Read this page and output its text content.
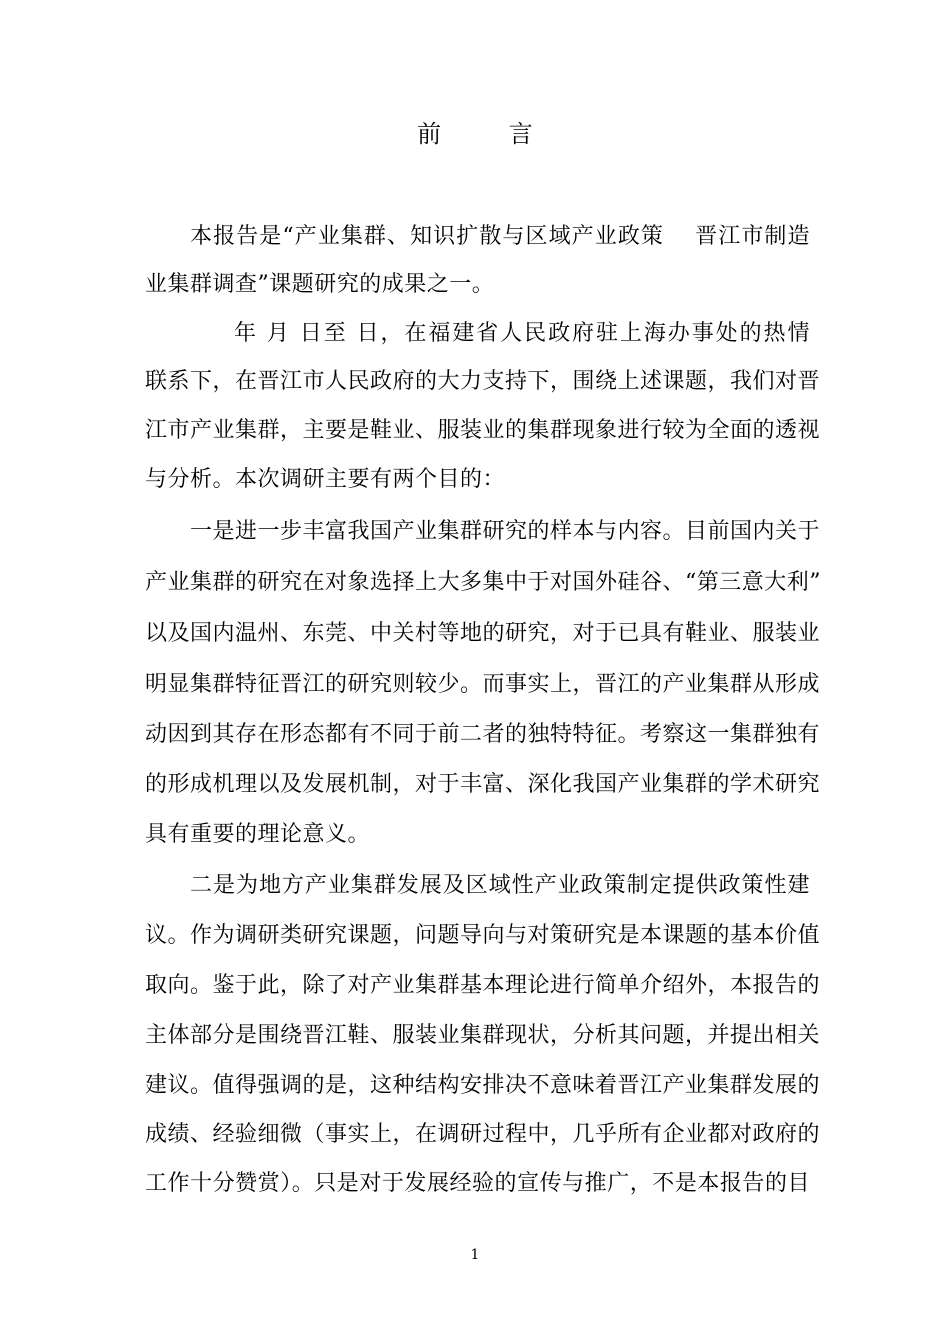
前 言
本报告是“产业集群、知识扩散与区域产业政策　 晋江市制造
业集群调查”课题研究的成果之一。
年 月 日至 日，在福建省人民政府驻上海办事处的热情
联系下，在晋江市人民政府的大力支持下，围绕上述课题，我们对晋
江市产业集群，主要是鞋业、服装业的集群现象进行较为全面的透视
与分析。本次调研主要有两个目的：
一是进一步丰富我国产业集群研究的样本与内容。目前国内关于
产业集群的研究在对象选择上大多集中于对国外硅谷、“第三意大利”
以及国内温州、东莞、中关村等地的研究，对于已具有鞋业、服装业
明显集群特征晋江的研究则较少。而事实上，晋江的产业集群从形成
动因到其存在形态都有不同于前二者的独特特征。考察这一集群独有
的形成机理以及发展机制，对于丰富、深化我国产业集群的学术研究
具有重要的理论意义。
二是为地方产业集群发展及区域性产业政策制定提供政策性建
议。作为调研类研究课题，问题导向与对策研究是本课题的基本价值
取向。鉴于此，除了对产业集群基本理论进行简单介绍外，本报告的
主体部分是围绕晋江鞋、服装业集群现状，分析其问题，并提出相关
建议。值得强调的是，这种结构安排决不意味着晋江产业集群发展的
成绩、经验细微（事实上，在调研过程中，几乎所有企业都对政府的
工作十分赞赏）。只是对于发展经验的宣传与推广，不是本报告的目
1
